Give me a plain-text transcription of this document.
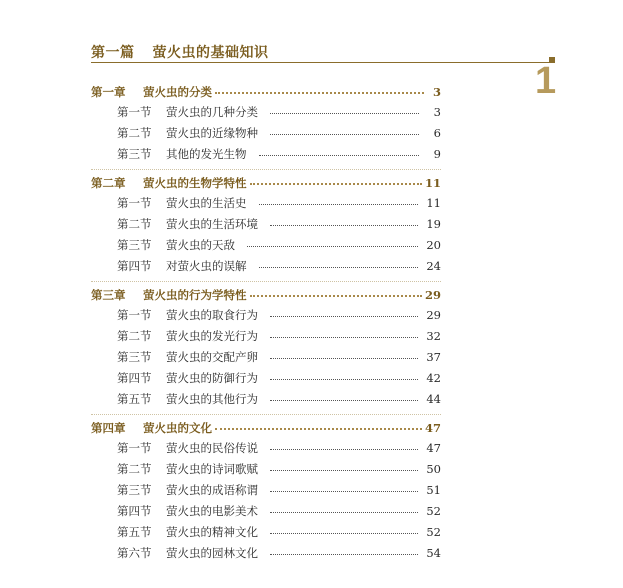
第一篇 萤火虫的基础知识
1
第一章	萤火虫的分类	3
第一节	萤火虫的几种分类	3
第二节	萤火虫的近缘物种	6
第三节	其他的发光生物	9
第二章	萤火虫的生物学特性	11
第一节	萤火虫的生活史	11
第二节	萤火虫的生活环境	19
第三节	萤火虫的天敌	20
第四节	对萤火虫的误解	24
第三章	萤火虫的行为学特性	29
第一节	萤火虫的取食行为	29
第二节	萤火虫的发光行为	32
第三节	萤火虫的交配产卵	37
第四节	萤火虫的防御行为	42
第五节	萤火虫的其他行为	44
第四章	萤火虫的文化	47
第一节	萤火虫的民俗传说	47
第二节	萤火虫的诗词歌赋	50
第三节	萤火虫的成语称谓	51
第四节	萤火虫的电影美术	52
第五节	萤火虫的精神文化	52
第六节	萤火虫的园林文化	54
